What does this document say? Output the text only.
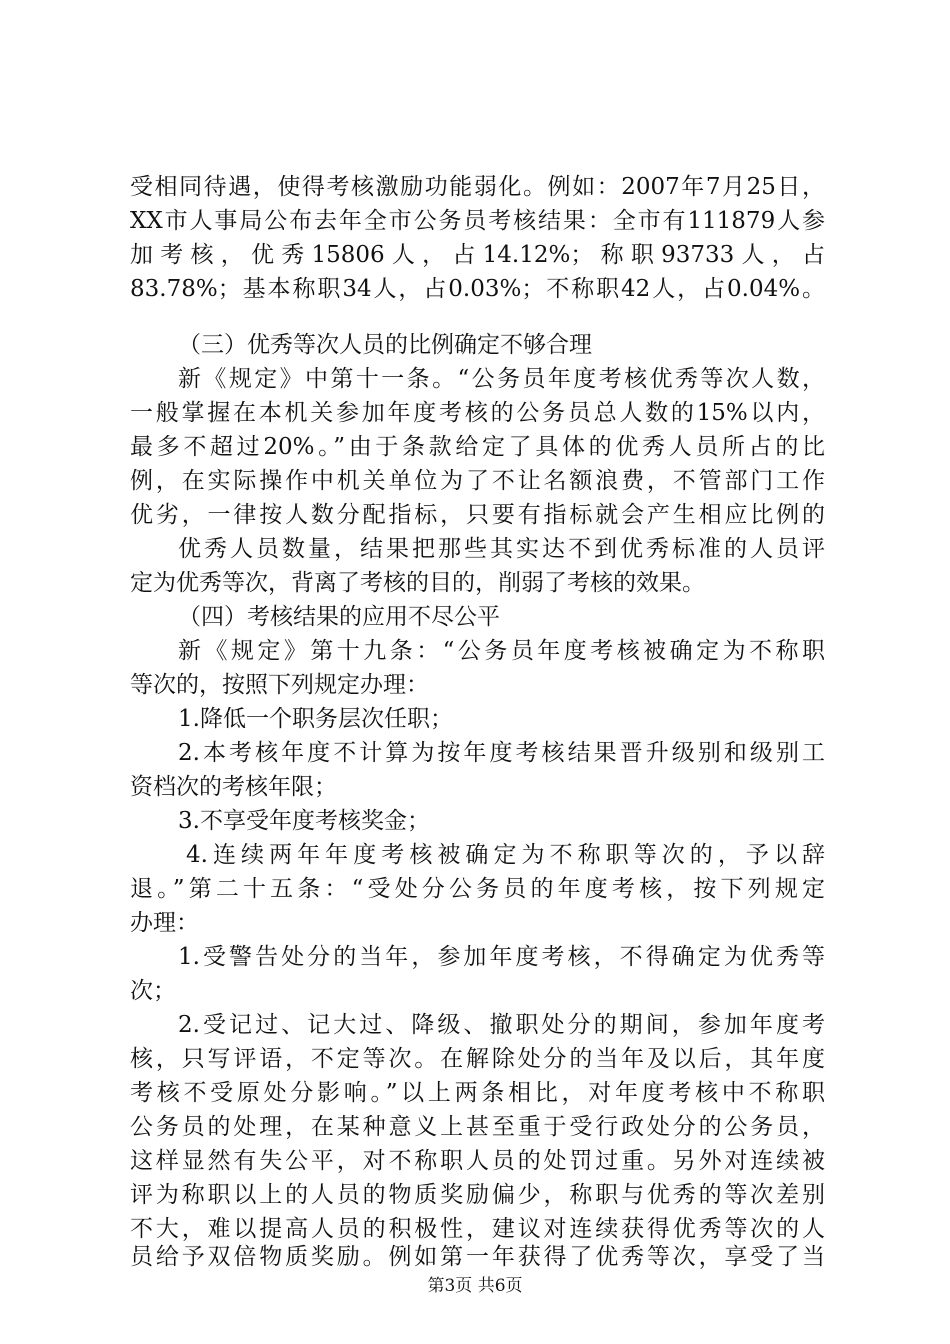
受相同待遇，使得考核激励功能弱化。例如：2007年7月25日，
XX市人事局公布去年全市公务员考核结果：全市有111879人参
加考核，优秀15806人，占14.12%；称职93733人，占
83.78%；基本称职34人，占0.03%；不称职42人，占0.04%。
（三）优秀等次人员的比例确定不够合理
新《规定》中第十一条。“公务员年度考核优秀等次人数，
一般掌握在本机关参加年度考核的公务员总人数的15%以内，
最多不超过20%。”由于条款给定了具体的优秀人员所占的比
例，在实际操作中机关单位为了不让名额浪费，不管部门工作
优劣，一律按人数分配指标，只要有指标就会产生相应比例的
优秀人员数量，结果把那些其实达不到优秀标准的人员评
定为优秀等次，背离了考核的目的，削弱了考核的效果。
（四）考核结果的应用不尽公平
新《规定》第十九条：“公务员年度考核被确定为不称职
等次的，按照下列规定办理：
1.降低一个职务层次任职；
2.本考核年度不计算为按年度考核结果晋升级别和级别工
资档次的考核年限；
3.不享受年度考核奖金；
4.连续两年年度考核被确定为不称职等次的，予以辞
退。”第二十五条：“受处分公务员的年度考核，按下列规定
办理：
1.受警告处分的当年，参加年度考核，不得确定为优秀等
次；
2.受记过、记大过、降级、撤职处分的期间，参加年度考
核，只写评语，不定等次。在解除处分的当年及以后，其年度
考核不受原处分影响。”以上两条相比，对年度考核中不称职
公务员的处理，在某种意义上甚至重于受行政处分的公务员，
这样显然有失公平，对不称职人员的处罚过重。另外对连续被
评为称职以上的人员的物质奖励偏少，称职与优秀的等次差别
不大，难以提高人员的积极性，建议对连续获得优秀等次的人
员给予双倍物质奖励。例如第一年获得了优秀等次，享受了当
第3页 共6页
